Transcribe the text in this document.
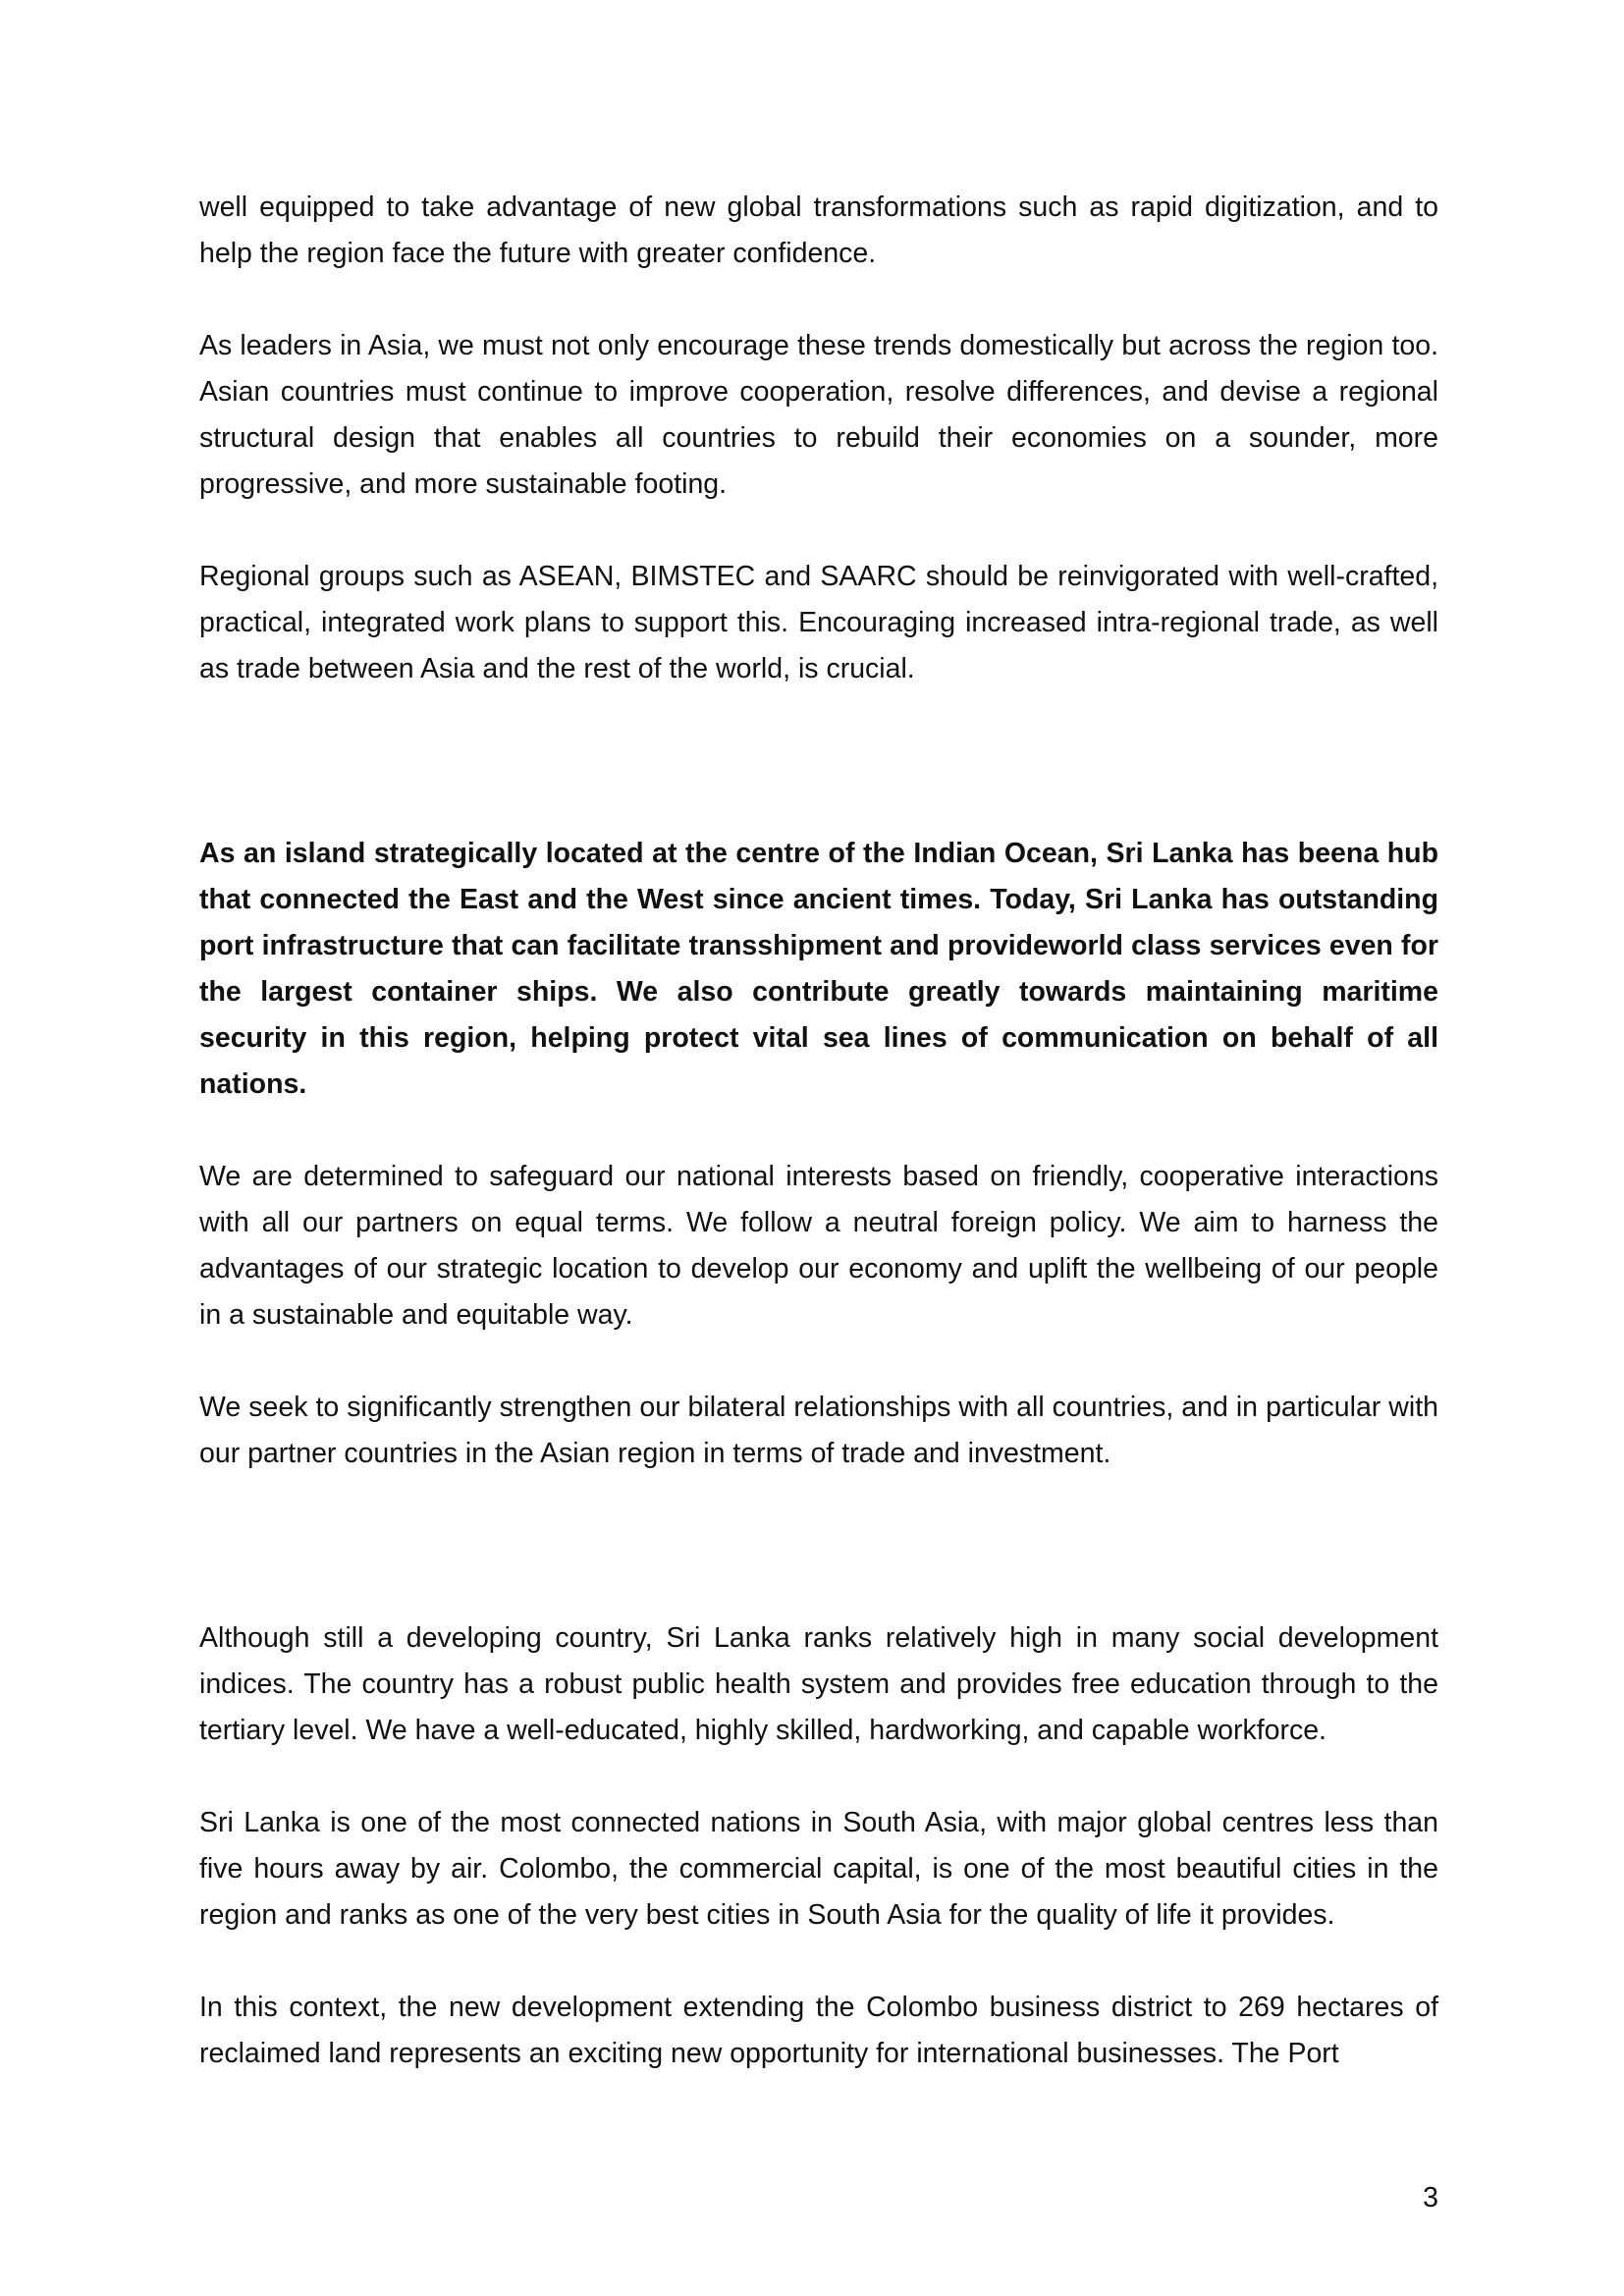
well equipped to take advantage of new global transformations such as rapid digitization, and to help the region face the future with greater confidence.

As leaders in Asia, we must not only encourage these trends domestically but across the region too. Asian countries must continue to improve cooperation, resolve differences, and devise a regional structural design that enables all countries to rebuild their economies on a sounder, more progressive, and more sustainable footing.

Regional groups such as ASEAN, BIMSTEC and SAARC should be reinvigorated with well-crafted, practical, integrated work plans to support this. Encouraging increased intra-regional trade, as well as trade between Asia and the rest of the world, is crucial.

As an island strategically located at the centre of the Indian Ocean, Sri Lanka has beena hub that connected the East and the West since ancient times. Today, Sri Lanka has outstanding port infrastructure that can facilitate transshipment and provideworld class services even for the largest container ships. We also contribute greatly towards maintaining maritime security in this region, helping protect vital sea lines of communication on behalf of all nations.

We are determined to safeguard our national interests based on friendly, cooperative interactions with all our partners on equal terms. We follow a neutral foreign policy. We aim to harness the advantages of our strategic location to develop our economy and uplift the wellbeing of our people in a sustainable and equitable way.

We seek to significantly strengthen our bilateral relationships with all countries, and in particular with our partner countries in the Asian region in terms of trade and investment.

Although still a developing country, Sri Lanka ranks relatively high in many social development indices. The country has a robust public health system and provides free education through to the tertiary level. We have a well-educated, highly skilled, hardworking, and capable workforce.

Sri Lanka is one of the most connected nations in South Asia, with major global centres less than five hours away by air. Colombo, the commercial capital, is one of the most beautiful cities in the region and ranks as one of the very best cities in South Asia for the quality of life it provides.

In this context, the new development extending the Colombo business district to 269 hectares of reclaimed land represents an exciting new opportunity for international businesses. The Port

3
